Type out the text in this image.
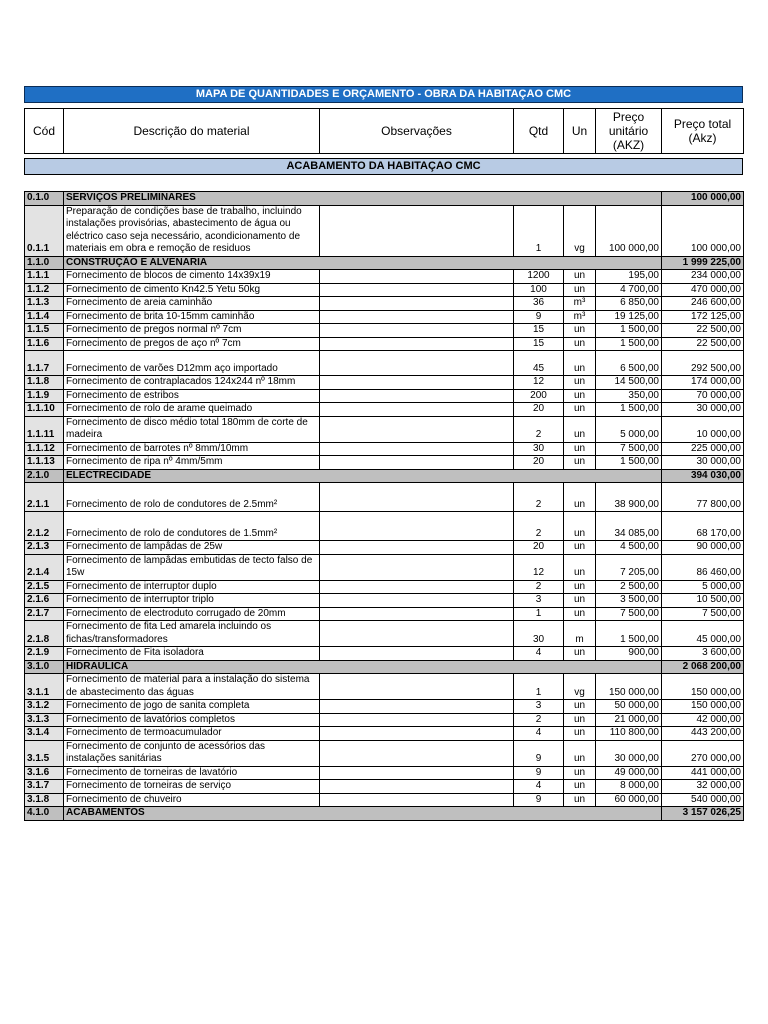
MAPA DE QUANTIDADES E ORÇAMENTO - OBRA DA HABITAÇAO CMC
Cód	Descrição do material	Observações	Qtd	Un	Preço unitário (AKZ)	Preço total (Akz)
ACABAMENTO DA HABITAÇAO CMC
0.1.0	SERVIÇOS PRELIMINARES					100 000,00
0.1.1	Preparação de condições base de trabalho, incluindo instalações provisórias, abastecimento de água ou eléctrico caso seja necessário, acondicionamento de materiais em obra e remoção de residuos		1	vg	100 000,00	100 000,00
1.1.0	CONSTRUÇÃO E ALVENARIA					1 999 225,00
1.1.1	Fornecimento de blocos de cimento 14x39x19		1200	un	195,00	234 000,00
1.1.2	Fornecimento de cimento Kn42.5 Yetu 50kg		100	un	4 700,00	470 000,00
1.1.3	Fornecimento de areia caminhão		36	m³	6 850,00	246 600,00
1.1.4	Fornecimento de brita 10-15mm caminhão		9	m³	19 125,00	172 125,00
1.1.5	Fornecimento de pregos normal nº 7cm		15	un	1 500,00	22 500,00
1.1.6	Fornecimento de pregos de aço nº 7cm		15	un	1 500,00	22 500,00
1.1.7	Fornecimento de varões D12mm aço importado		45	un	6 500,00	292 500,00
1.1.8	Fornecimento de contraplacados 124x244 nº 18mm		12	un	14 500,00	174 000,00
1.1.9	Fornecimento de estribos		200	un	350,00	70 000,00
1.1.10	Fornecimento de rolo de arame queimado		20	un	1 500,00	30 000,00
1.1.11	Fornecimento de disco médio total 180mm de corte de madeira		2	un	5 000,00	10 000,00
1.1.12	Fornecimento de barrotes nº 8mm/10mm		30	un	7 500,00	225 000,00
1.1.13	Fornecimento de ripa nº 4mm/5mm		20	un	1 500,00	30 000,00
2.1.0	ELECTRECIDADE					394 030,00
2.1.1	Fornecimento de rolo de condutores de 2.5mm²		2	un	38 900,00	77 800,00
2.1.2	Fornecimento de rolo de condutores de 1.5mm²		2	un	34 085,00	68 170,00
2.1.3	Fornecimento de lampâdas de 25w		20	un	4 500,00	90 000,00
2.1.4	Fornecimento de lampâdas embutidas de tecto falso de 15w		12	un	7 205,00	86 460,00
2.1.5	Fornecimento de interruptor duplo		2	un	2 500,00	5 000,00
2.1.6	Fornecimento de interruptor triplo		3	un	3 500,00	10 500,00
2.1.7	Fornecimento de electroduto corrugado de 20mm		1	un	7 500,00	7 500,00
2.1.8	Fornecimento de fita Led amarela incluindo os fichas/transformadores		30	m	1 500,00	45 000,00
2.1.9	Fornecimento de Fita isoladora		4	un	900,00	3 600,00
3.1.0	HIDRAULICA					2 068 200,00
3.1.1	Fornecimento de material para a instalação do sistema de abastecimento das águas		1	vg	150 000,00	150 000,00
3.1.2	Fornecimento de jogo de sanita completa		3	un	50 000,00	150 000,00
3.1.3	Fornecimento de lavatórios completos		2	un	21 000,00	42 000,00
3.1.4	Fornecimento de termoacumulador		4	un	110 800,00	443 200,00
3.1.5	Fornecimento de conjunto de acessórios das instalações sanitárias		9	un	30 000,00	270 000,00
3.1.6	Fornecimento de torneiras de lavatório		9	un	49 000,00	441 000,00
3.1.7	Fornecimento de torneiras de serviço		4	un	8 000,00	32 000,00
3.1.8	Fornecimento de chuveiro		9	un	60 000,00	540 000,00
4.1.0	ACABAMENTOS					3 157 026,25
